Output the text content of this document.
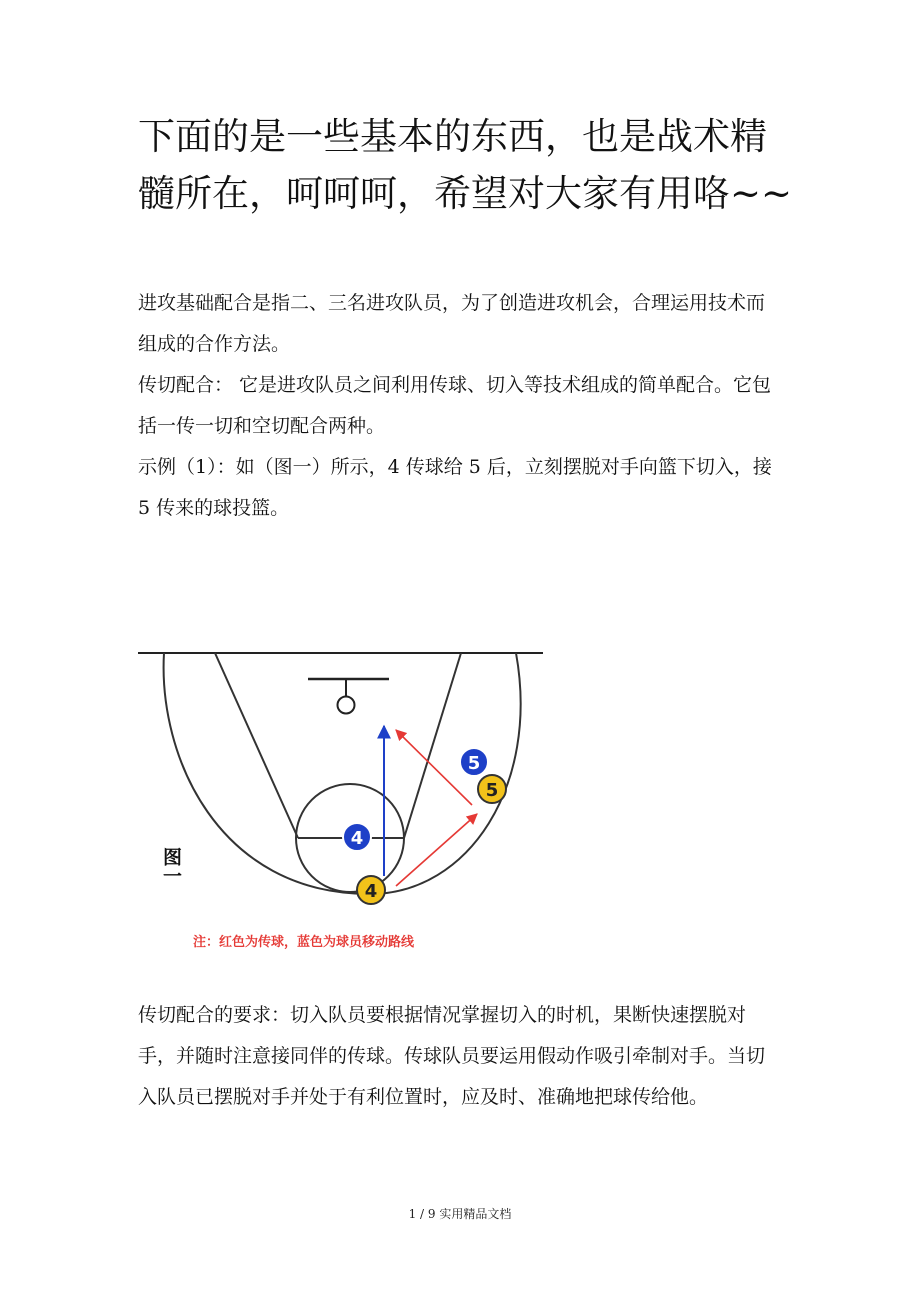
下面的是一些基本的东西，也是战术精髓所在，呵呵呵，希望对大家有用咯~~

进攻基础配合是指二、三名进攻队员，为了创造进攻机会，合理运用技术而组成的合作方法。

传切配合： 它是进攻队员之间利用传球、切入等技术组成的简单配合。它包括一传一切和空切配合两种。

示例（1）：如（图一）所示，4 传球给 5 后，立刻摆脱对手向篮下切入，接 5 传来的球投篮。

5
5
4
4
图一
注：红色为传球，蓝色为球员移动路线

传切配合的要求：切入队员要根据情况掌握切入的时机，果断快速摆脱对手，并随时注意接同伴的传球。传球队员要运用假动作吸引牵制对手。当切入队员已摆脱对手并处于有利位置时，应及时、准确地把球传给他。

1 / 9 实用精品文档
